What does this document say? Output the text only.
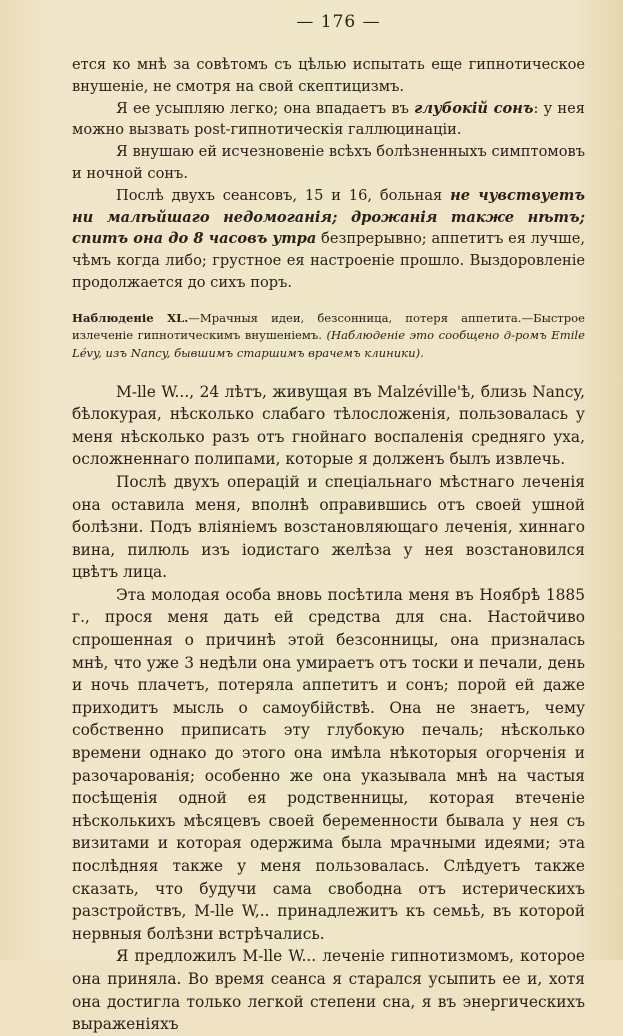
— 176 —

ется ко мнѣ за совѣтомъ съ цѣлью испытать еще гипнотическое внушеніе, не смотря на свой скептицизмъ.

Я ее усыпляю легко; она впадаетъ въ глубокій сонъ: у нея можно вызвать post-гипнотическія галлюцинаціи.

Я внушаю ей исчезновеніе всѣхъ болѣзненныхъ симптомовъ и ночной сонъ.

Послѣ двухъ сеансовъ, 15 и 16, больная не чувствуетъ ни малѣйшаго недомоганія; дрожанія также нѣтъ; спитъ она до 8 часовъ утра безпрерывно; аппетитъ ея лучше, чѣмъ когда либо; грустное ея настроеніе прошло. Выздоровленіе продолжается до сихъ поръ.

Наблюденіе XL.—Мрачныя идеи, безсонница, потеря аппетита.—Быстрое излеченіе гипнотическимъ внушеніемъ. (Наблюденіе это сообщено д-ромъ Emile Lévy, изъ Nancy, бывшимъ старшимъ врачемъ клиники).

M-lle W..., 24 лѣтъ, живущая въ Malzéville'ѣ, близь Nancy, бѣлокурая, нѣсколько слабаго тѣлосложенія, пользовалась у меня нѣсколько разъ отъ гнойнаго воспаленія средняго уха, осложненнаго полипами, которые я долженъ былъ извлечь.

Послѣ двухъ операцій и спеціальнаго мѣстнаго леченія она оставила меня, вполнѣ оправившись отъ своей ушной болѣзни. Подъ вліяніемъ возстановляющаго леченія, хиннаго вина, пилюль изъ іодистаго желѣза у нея возстановился цвѣтъ лица.

Эта молодая особа вновь посѣтила меня въ Ноябрѣ 1885 г., прося меня дать ей средства для сна. Настойчиво спрошенная о причинѣ этой безсонницы, она призналась мнѣ, что уже 3 недѣли она умираетъ отъ тоски и печали, день и ночь плачетъ, потеряла аппетитъ и сонъ; порой ей даже приходитъ мысль о самоубійствѣ. Она не знаетъ, чему собственно приписать эту глубокую печаль; нѣсколько времени однако до этого она имѣла нѣкоторыя огорченія и разочарованія; особенно же она указывала мнѣ на частыя посѣщенія одной ея родственницы, которая втеченіе нѣсколькихъ мѣсяцевъ своей беременности бывала у нея съ визитами и которая одержима была мрачными идеями; эта послѣдняя также у меня пользовалась. Слѣдуетъ также сказать, что будучи сама свободна отъ истерическихъ разстройствъ, M-lle W,.. принадлежитъ къ семьѣ, въ которой нервныя болѣзни встрѣчались.

Я предложилъ M-lle W... леченіе гипнотизмомъ, которое она приняла. Во время сеанса я старался усыпить ее и, хотя она достигла только легкой степени сна, я въ энергическихъ выраженіяхъ
